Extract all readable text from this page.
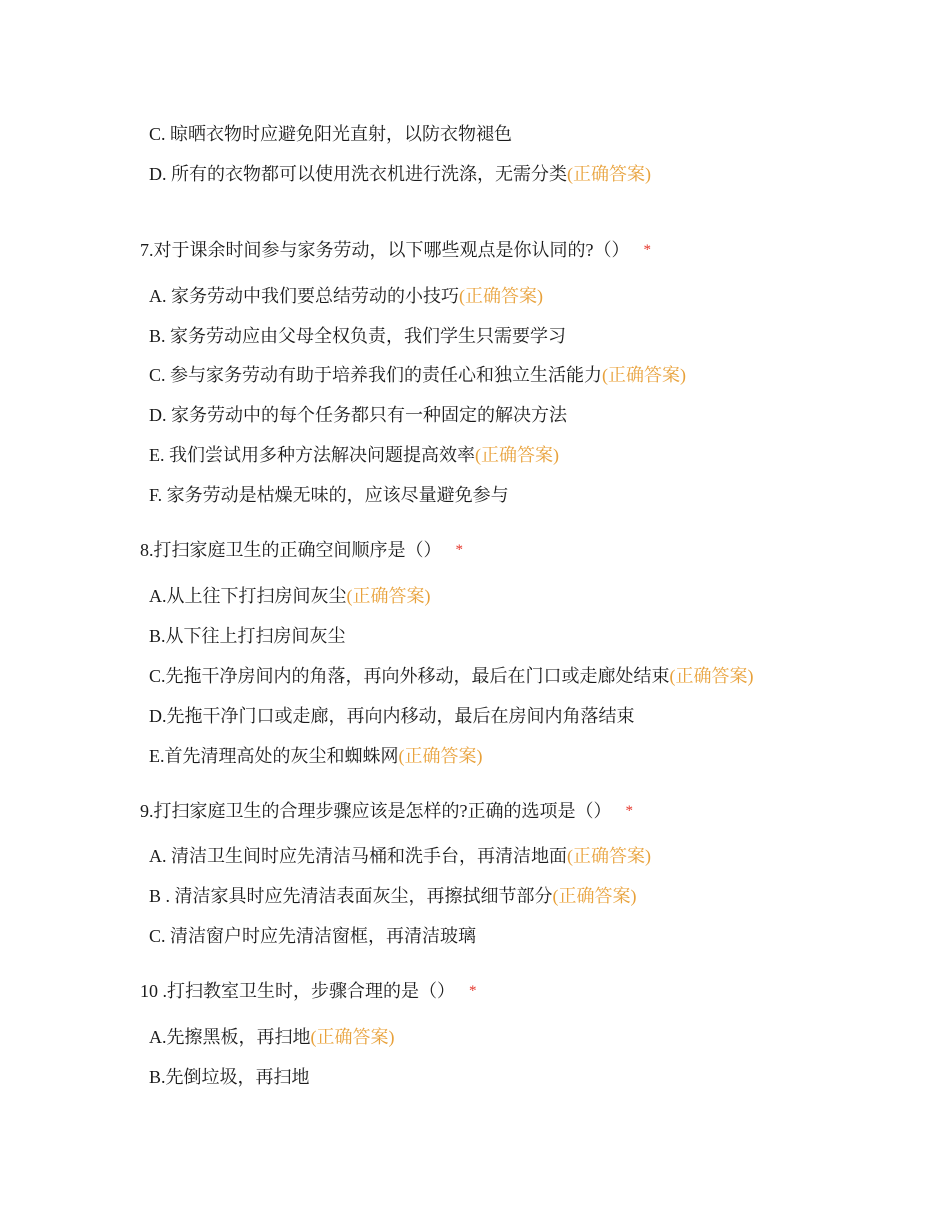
C. 晾晒衣物时应避免阳光直射，以防衣物褪色
D. 所有的衣物都可以使用洗衣机进行洗涤，无需分类(正确答案)
7.对于课余时间参与家务劳动，以下哪些观点是你认同的?（） *
A. 家务劳动中我们要总结劳动的小技巧(正确答案)
B. 家务劳动应由父母全权负责，我们学生只需要学习
C. 参与家务劳动有助于培养我们的责任心和独立生活能力(正确答案)
D. 家务劳动中的每个任务都只有一种固定的解决方法
E. 我们尝试用多种方法解决问题提高效率(正确答案)
F. 家务劳动是枯燥无味的，应该尽量避免参与
8.打扫家庭卫生的正确空间顺序是（） *
A.从上往下打扫房间灰尘(正确答案)
B.从下往上打扫房间灰尘
C.先拖干净房间内的角落，再向外移动，最后在门口或走廊处结束(正确答案)
D.先拖干净门口或走廊，再向内移动，最后在房间内角落结束
E.首先清理高处的灰尘和蜘蛛网(正确答案)
9.打扫家庭卫生的合理步骤应该是怎样的?正确的选项是（） *
A. 清洁卫生间时应先清洁马桶和洗手台，再清洁地面(正确答案)
B . 清洁家具时应先清洁表面灰尘，再擦拭细节部分(正确答案)
C. 清洁窗户时应先清洁窗框，再清洁玻璃
10 .打扫教室卫生时，步骤合理的是（） *
A.先擦黑板，再扫地(正确答案)
B.先倒垃圾，再扫地
